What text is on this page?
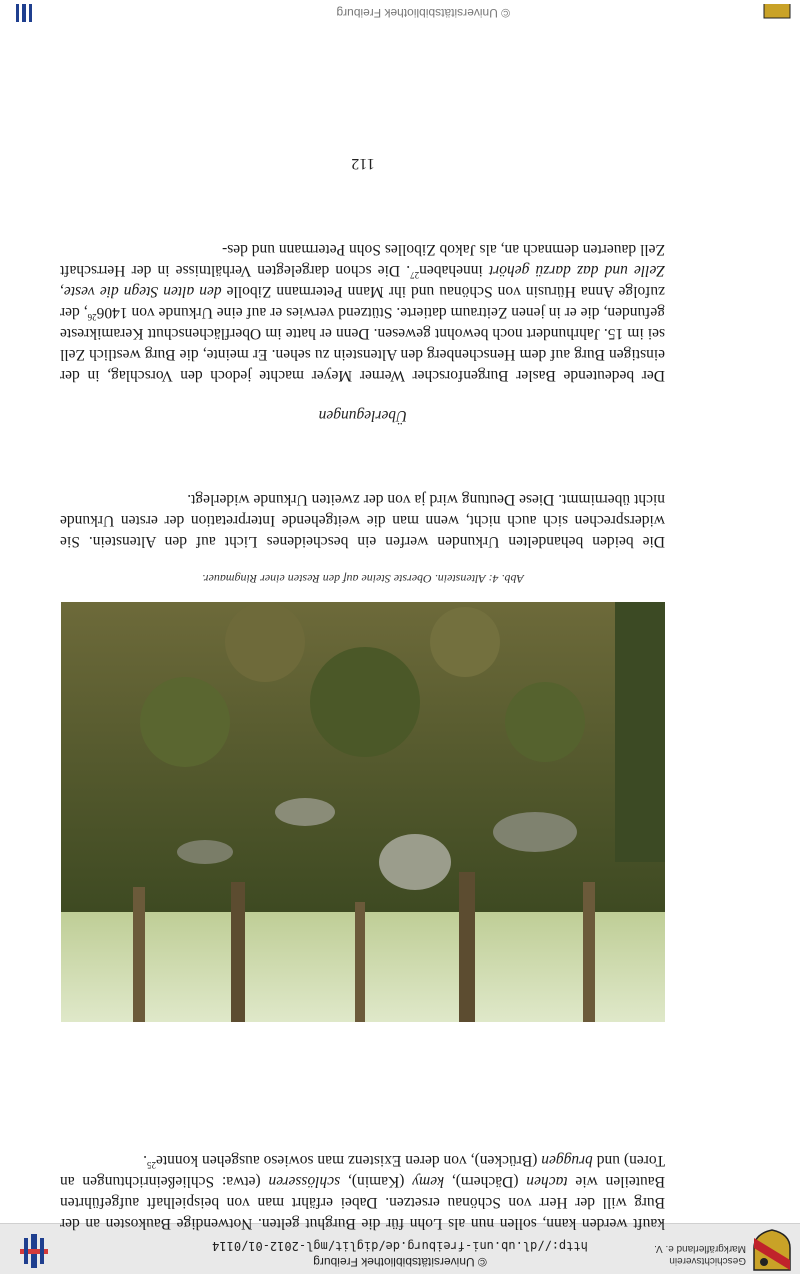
Geschichtsverein Markgräflerland e. V.
© Universitätsbibliothek Freiburg
http://dl.ub.uni-freiburg.de/diglit/mgl-2012-01/0114

kauft werden kann, sollen nun als Lohn für die Burghut gelten. Notwendige Baukosten an der Burg will der Herr von Schönau ersetzen. Dabei erfährt man von beispielhaft aufgeführten Bauteilen wie tachen (Dächern), kemy (Kamin), schlösseren (etwa: Schließeinrichtungen an Toren) und bruggen (Brücken), von deren Existenz man sowieso ausgehen konnte$^{25}$.

Abb. 4: Altenstein. Oberste Steine auf den Resten einer Ringmauer.

Die beiden behandelten Urkunden werfen ein bescheidenes Licht auf den Altenstein. Sie widersprechen sich auch nicht, wenn man die weitgehende Interpretation der ersten Urkunde nicht übernimmt. Diese Deutung wird ja von der zweiten Urkunde widerlegt.

Überlegungen

Der bedeutende Basler Burgenforscher Werner Meyer machte jedoch den Vorschlag, in der einstigen Burg auf dem Henschenberg den Altenstein zu sehen. Er meinte, die Burg westlich Zell sei im 15. Jahrhundert noch bewohnt gewesen. Denn er hatte im Oberflächenschutt Keramikreste gefunden, die er in jenen Zeitraum datierte. Stützend verwies er auf eine Urkunde von 1406$^{26}$, der zufolge Anna Hürusin von Schönau und ihr Mann Petermann Zibolle den alten Stegn die veste, Zelle und daz darzü gehört innehaben$^{27}$. Die schon dargelegten Verhältnisse in der Herrschaft Zell dauerten demnach an, als Jakob Zibolles Sohn Petermann und des-

112
© Universitätsbibliothek Freiburg
